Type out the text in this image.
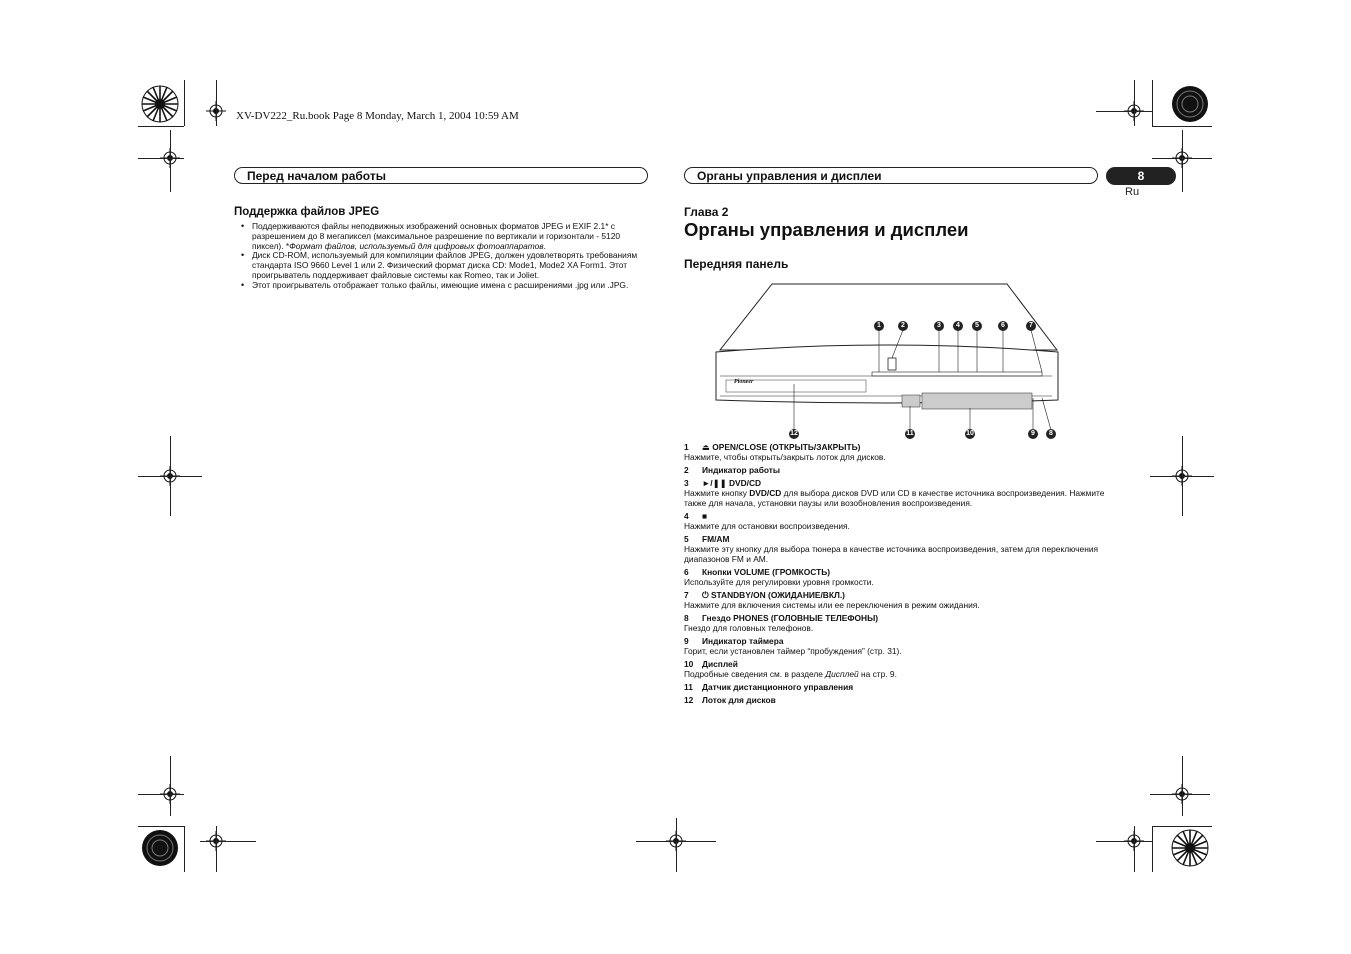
XV-DV222_Ru.book Page 8 Monday, March 1, 2004 10:59 AM
Перед началом работы	Органы управления и дисплеи	8
Ru
Поддержка файлов JPEG
• Поддерживаются файлы неподвижных изображений основных форматов JPEG и EXIF 2.1* с разрешением до 8 мегапиксел (максимальное разрешение по вертикали и горизонтали - 5120 пиксел). *Формат файлов, используемый для цифровых фотоаппаратов.
• Диск CD-ROM, используемый для компиляции файлов JPEG, должен удовлетворять требованиям стандарта ISO 9660 Level 1 или 2. Физический формат диска CD: Mode1, Mode2 XA Form1. Этот проигрыватель поддерживает файловые системы как Romeo, так и Joliet.
• Этот проигрыватель отображает только файлы, имеющие имена с расширениями .jpg или .JPG.
Глава 2
Органы управления и дисплеи
Передняя панель
Pioneer
1	2	3	4	5	6	7
12	11	10	9	8
1 ⏏ OPEN/CLOSE (ОТКРЫТЬ/ЗАКРЫТЬ)
Нажмите, чтобы открыть/закрыть лоток для дисков.
2 Индикатор работы
3 ►/❚❚ DVD/CD
Нажмите кнопку DVD/CD для выбора дисков DVD или CD в качестве источника воспроизведения. Нажмите также для начала, установки паузы или возобновления воспроизведения.
4 ■
Нажмите для остановки воспроизведения.
5 FM/AM
Нажмите эту кнопку для выбора тюнера в качестве источника воспроизведения, затем для переключения диапазонов FM и AM.
6 Кнопки VOLUME (ГРОМКОСТЬ)
Используйте для регулировки уровня громкости.
7 ⏻ STANDBY/ON (ОЖИДАНИЕ/ВКЛ.)
Нажмите для включения системы или ее переключения в режим ожидания.
8 Гнездо PHONES (ГОЛОВНЫЕ ТЕЛЕФОНЫ)
Гнездо для головных телефонов.
9 Индикатор таймера
Горит, если установлен таймер “пробуждения” (стр. 31).
10 Дисплей
Подробные сведения см. в разделе Дисплей на стр. 9.
11 Датчик дистанционного управления
12 Лоток для дисков
